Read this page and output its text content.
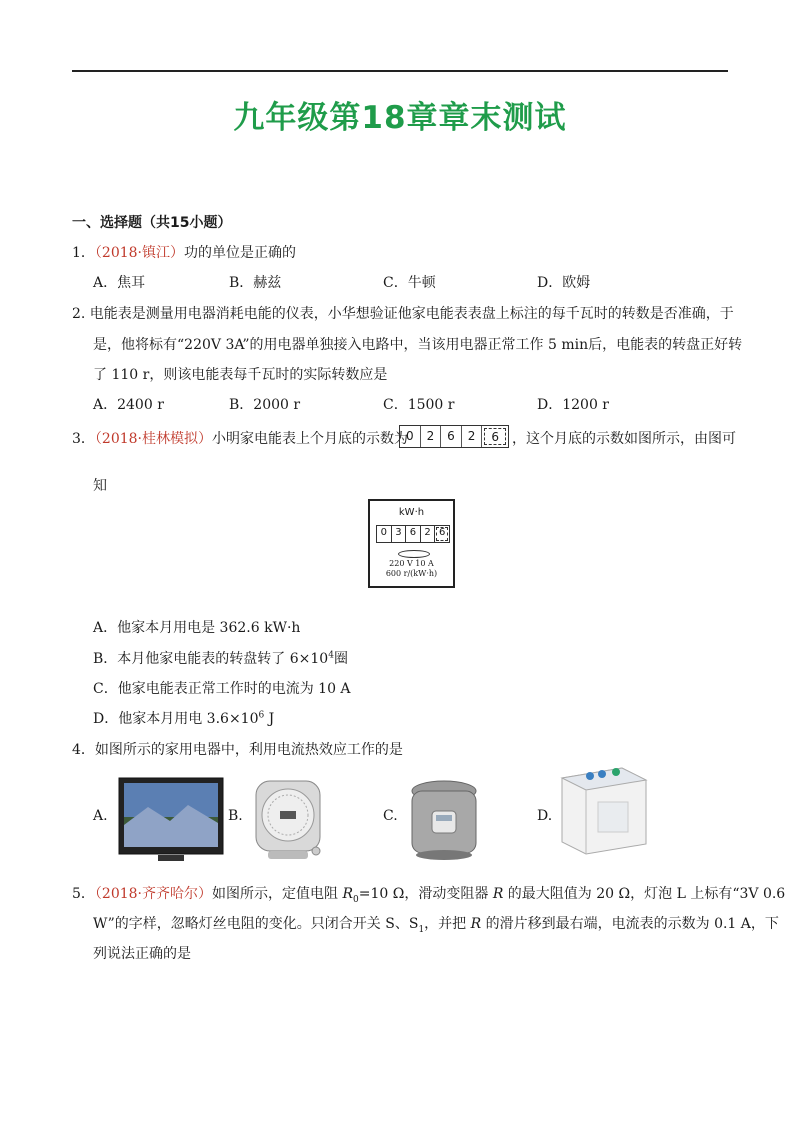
九年级第18章章末测试
一、选择题（共15小题）
1．（2018·镇江）功的单位是正确的
A．焦耳	B．赫兹	C．牛顿	D．欧姆
2. 电能表是测量用电器消耗电能的仪表，小华想验证他家电能表表盘上标注的每千瓦时的转数是否准确，于
是，他将标有“220V 3A”的用电器单独接入电路中，当该用电器正常工作 5 min后，电能表的转盘正好转
了 110 r，则该电能表每千瓦时的实际转数应是
A．2400 r	B．2000 r	C．1500 r	D．1200 r
3．（2018·桂林模拟）小明家电能表上个月底的示数为
0	2	6	2	6 ，这个月底的示数如图所示，由图可
知
kW·h
0 3 6 2 6
220 V 10 A
600 r/(kW·h)
A．他家本月用电是 362.6 kW·h
B．本月他家电能表的转盘转了 $6\times 10^4$圈
C．他家电能表正常工作时的电流为 10 A
D．他家本月用电 $3.6\times 10^6$ J
4．如图所示的家用电器中，利用电流热效应工作的是
A.	B.	C.	D.
5．（2018·齐齐哈尔）如图所示，定值电阻 $R_0=10$ Ω，滑动变阻器 R 的最大阻值为 20 Ω，灯泡 L 上标有“3V 0.6
W”的字样，忽略灯丝电阻的变化。只闭合开关 S、$S_1$，并把 R 的滑片移到最右端，电流表的示数为 0.1 A，下
列说法正确的是
